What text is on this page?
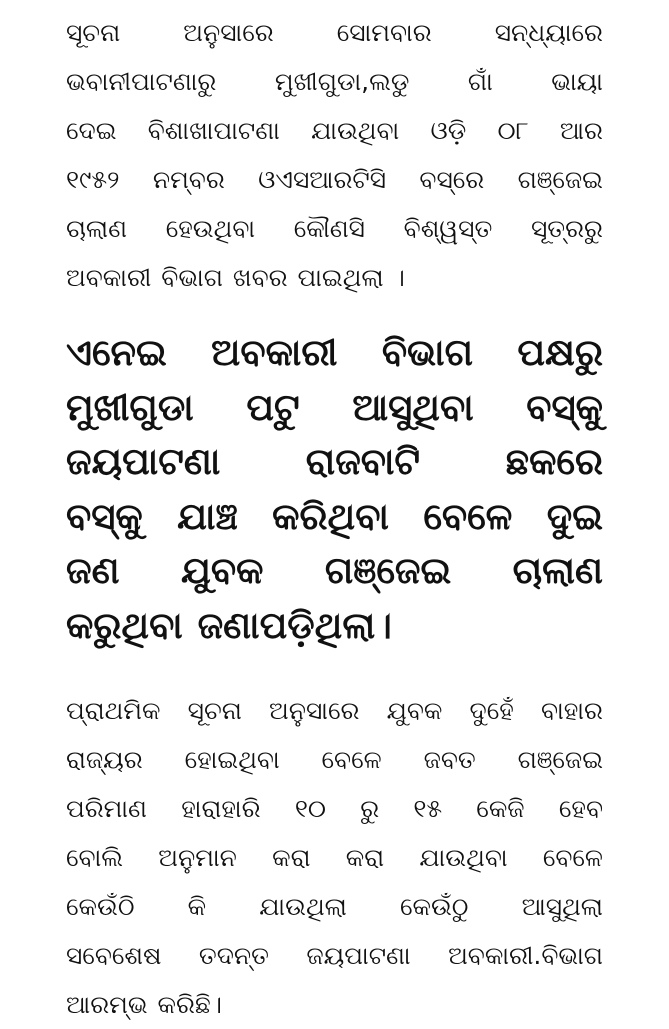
ସୂଚନା ଅନୁସାରେ ସୋମବାର ସନ୍ଧ୍ୟାରେ
ଭବାନୀପାଟଣାରୁ ମୁଖୀଗୁଡା,ଲଡୁ ଗାଁ ଭାୟା
ଦେଇ ବିଶାଖାପାଟଣା ଯାଉଥିବା ଓଡ଼ି ୦୮ ଆର
୧୯୫୨ ନମ୍ବର ଓଏସଆରଟିସି ବସ୍‌ରେ ଗଞ୍ଜେଇ
ଚାଲାଣ ହେଉଥିବା କୌଣସି ବିଶ୍ୱସ୍ତ ସୂତ୍ରରୁ
ଅବକାରୀ ବିଭାଗ ଖବର ପାଇଥିଲା ।

ଏନେଇ ଅବକାରୀ ବିଭାଗ ପକ୍ଷରୁ
ମୁଖୀଗୁଡା ପଟୁ ଆସୁଥିବା ବସ୍‌କୁ
ଜୟପାଟଣା ରାଜବାଟି ଛକରେ
ବସ୍‌କୁ ଯାଞ୍ଚ କରିଥିବା ବେଳେ ଦୁଇ
ଜଣ ଯୁବକ ଗଞ୍ଜେଇ ଚାଲାଣ
କରୁଥିବା ଜଣାପଡ଼ିଥିଲା।

ପ୍ରାଥମିକ ସୂଚନା ଅନୁସାରେ ଯୁବକ ଦୁହେଁ ବାହାର
ରାଜ୍ୟର ହୋଇଥିବା ବେଳେ ଜବତ ଗଞ୍ଜେଇ
ପରିମାଣ ହାରାହାରି ୧୦ ରୁ ୧୫ କେଜି ହେବ
ବୋଲି ଅନୁମାନ କରା କରା ଯାଉଥିବା ବେଳେ
କେଉଁଠି କି ଯାଉଥିଲା କେଉଁଠୁ ଆସୁଥିଲା
ସବେଶେଷ ତଦନ୍ତ ଜୟପାଟଣା ଅବକାରୀ.ବିଭାଗ
ଆରମ୍ଭ କରିଛି।
